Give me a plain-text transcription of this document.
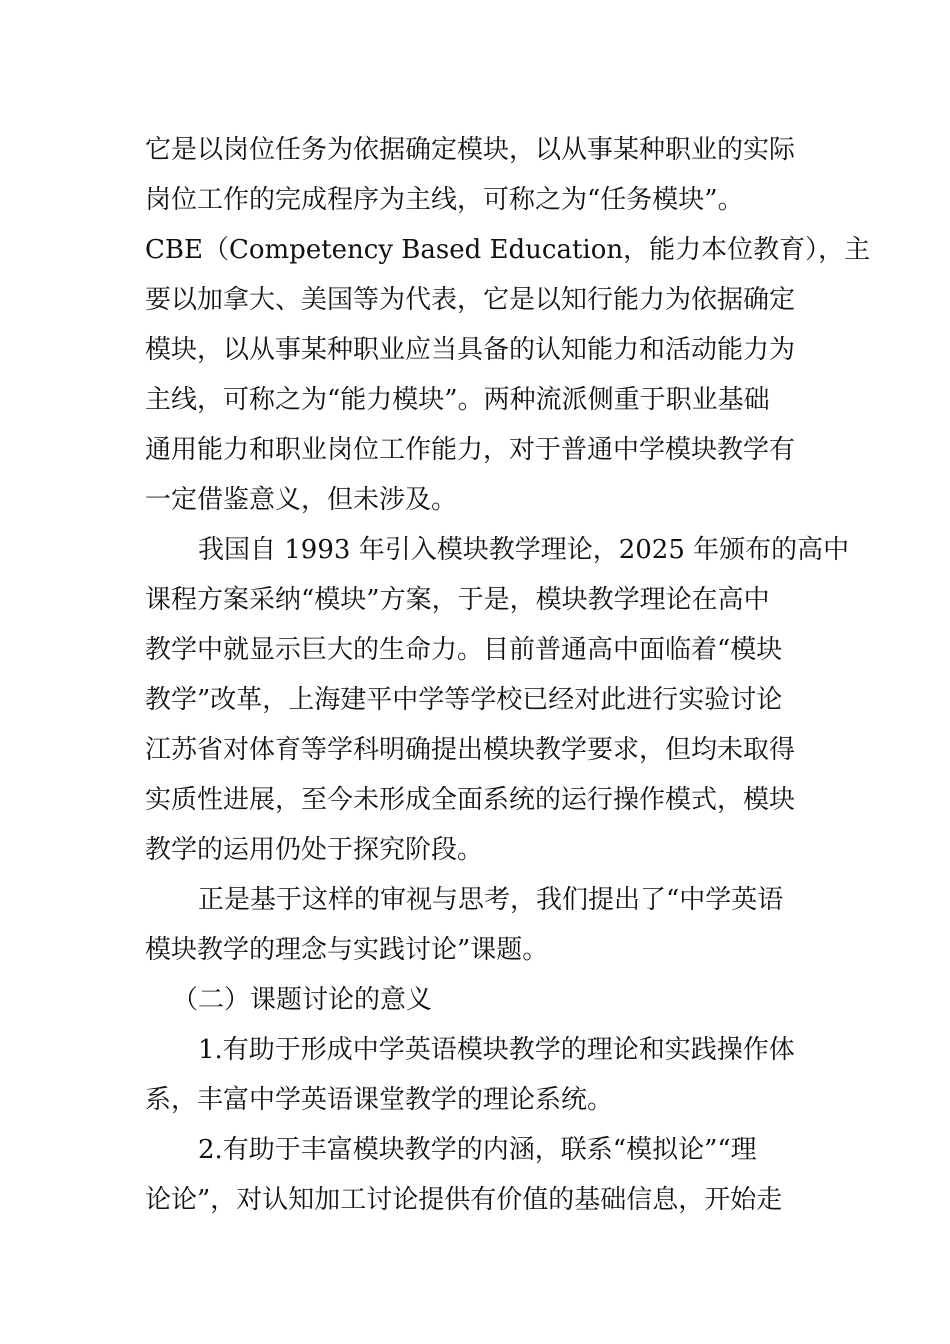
它是以岗位任务为依据确定模块，以从事某种职业的实际
岗位工作的完成程序为主线，可称之为“任务模块”。
CBE（Competency Based Education，能力本位教育），主
要以加拿大、美国等为代表，它是以知行能力为依据确定
模块，以从事某种职业应当具备的认知能力和活动能力为
主线，可称之为“能力模块”。两种流派侧重于职业基础
通用能力和职业岗位工作能力，对于普通中学模块教学有
一定借鉴意义，但未涉及。
我国自 1993 年引入模块教学理论，2025 年颁布的高中
课程方案采纳“模块”方案，于是，模块教学理论在高中
教学中就显示巨大的生命力。目前普通高中面临着“模块
教学”改革，上海建平中学等学校已经对此进行实验讨论
江苏省对体育等学科明确提出模块教学要求，但均未取得
实质性进展，至今未形成全面系统的运行操作模式，模块
教学的运用仍处于探究阶段。
正是基于这样的审视与思考，我们提出了“中学英语
模块教学的理念与实践讨论”课题。
（二）课题讨论的意义
1.有助于形成中学英语模块教学的理论和实践操作体
系，丰富中学英语课堂教学的理论系统。
2.有助于丰富模块教学的内涵，联系“模拟论”“理
论论”，对认知加工讨论提供有价值的基础信息，开始走
